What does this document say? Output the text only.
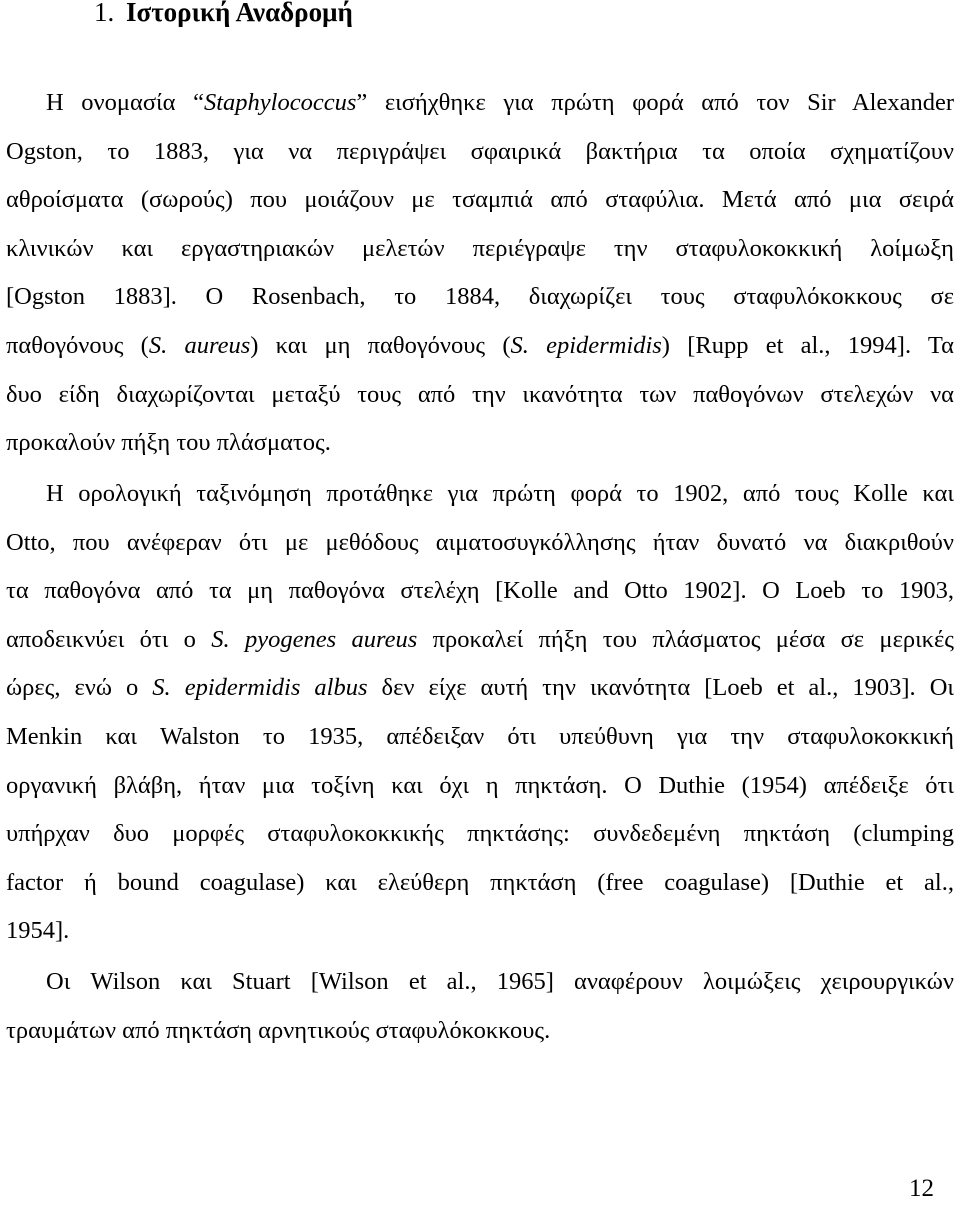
1. Ιστορική Αναδρομή
Η ονομασία “Staphylococcus” εισήχθηκε για πρώτη φορά από τον Sir Alexander
Ogston, το 1883, για να περιγράψει σφαιρικά βακτήρια τα οποία σχηματίζουν
αθροίσματα (σωρούς) που μοιάζουν με τσαμπιά από σταφύλια. Μετά από μια σειρά
κλινικών και εργαστηριακών μελετών περιέγραψε την σταφυλοκοκκική λοίμωξη
[Ogston 1883]. Ο Rosenbach, το 1884, διαχωρίζει τους σταφυλόκοκκους σε
παθογόνους (S. aureus) και μη παθογόνους (S. epidermidis) [Rupp et al., 1994]. Τα
δυο είδη διαχωρίζονται μεταξύ τους από την ικανότητα των παθογόνων στελεχών να
προκαλούν πήξη του πλάσματος.
Η ορολογική ταξινόμηση προτάθηκε για πρώτη φορά το 1902, από τους Kolle και
Otto, που ανέφεραν ότι με μεθόδους αιματοσυγκόλλησης ήταν δυνατό να διακριθούν
τα παθογόνα από τα μη παθογόνα στελέχη [Kolle and Otto 1902]. Ο Loeb το 1903,
αποδεικνύει ότι ο S. pyogenes aureus προκαλεί πήξη του πλάσματος μέσα σε μερικές
ώρες, ενώ ο S. epidermidis albus δεν είχε αυτή την ικανότητα [Loeb et al., 1903]. Οι
Menkin και Walston το 1935, απέδειξαν ότι υπεύθυνη για την σταφυλοκοκκική
οργανική βλάβη, ήταν μια τοξίνη και όχι η πηκτάση. Ο Duthie (1954) απέδειξε ότι
υπήρχαν δυο μορφές σταφυλοκοκκικής πηκτάσης: συνδεδεμένη πηκτάση (clumping
factor ή bound coagulase) και ελεύθερη πηκτάση (free coagulase) [Duthie et al.,
1954].
Οι Wilson και Stuart [Wilson et al., 1965] αναφέρουν λοιμώξεις χειρουργικών
τραυμάτων από πηκτάση αρνητικούς σταφυλόκοκκους.
12
